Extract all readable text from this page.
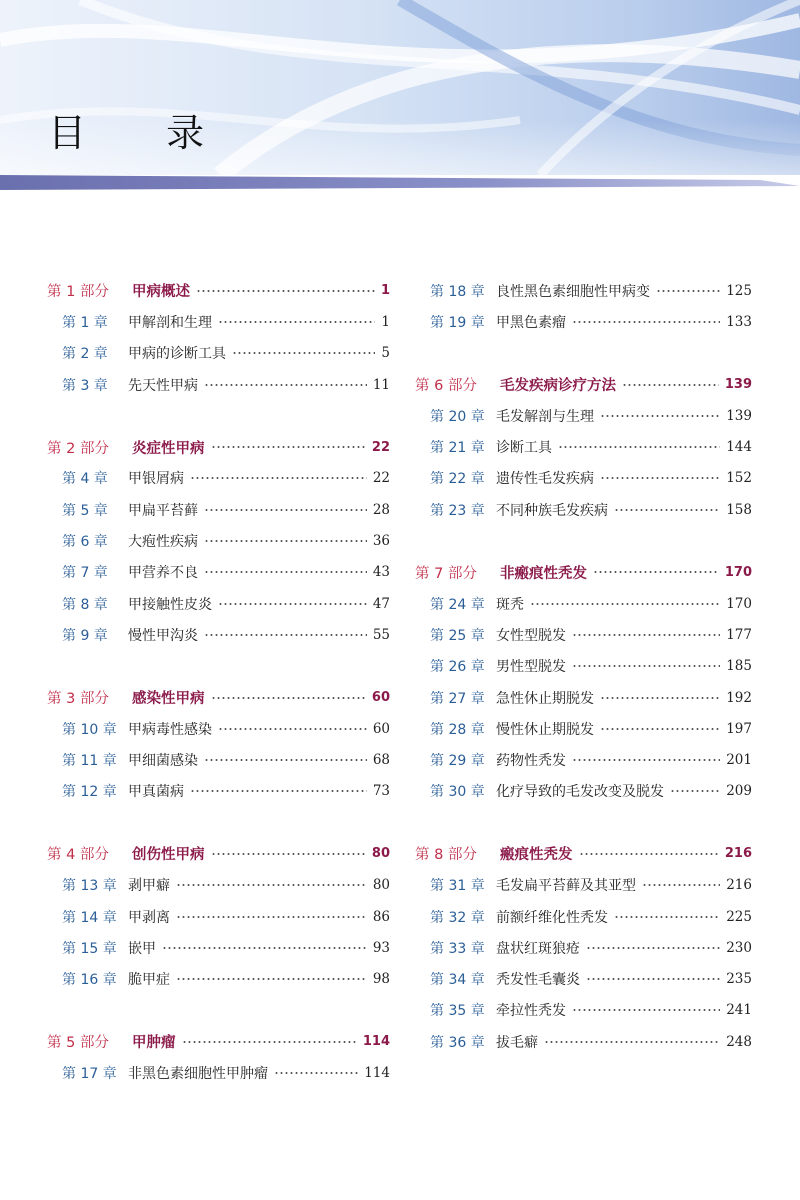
目 录
第 1 部分	甲病概述	1
第 1 章	甲解剖和生理	1
第 2 章	甲病的诊断工具	5
第 3 章	先天性甲病	11
第 2 部分	炎症性甲病	22
第 4 章	甲银屑病	22
第 5 章	甲扁平苔藓	28
第 6 章	大疱性疾病	36
第 7 章	甲营养不良	43
第 8 章	甲接触性皮炎	47
第 9 章	慢性甲沟炎	55
第 3 部分	感染性甲病	60
第 10 章 甲病毒性感染	60
第 11 章 甲细菌感染	68
第 12 章 甲真菌病	73
第 4 部分	创伤性甲病	80
第 13 章 剥甲癖	80
第 14 章 甲剥离	86
第 15 章 嵌甲	93
第 16 章 脆甲症	98
第 5 部分	甲肿瘤	114
第 17 章 非黑色素细胞性甲肿瘤	114
第 18 章 良性黑色素细胞性甲病变	125
第 19 章 甲黑色素瘤	133
第 6 部分	毛发疾病诊疗方法	139
第 20 章 毛发解剖与生理	139
第 21 章 诊断工具	144
第 22 章 遗传性毛发疾病	152
第 23 章 不同种族毛发疾病	158
第 7 部分	非瘢痕性秃发	170
第 24 章 斑秃	170
第 25 章 女性型脱发	177
第 26 章 男性型脱发	185
第 27 章 急性休止期脱发	192
第 28 章 慢性休止期脱发	197
第 29 章 药物性秃发	201
第 30 章 化疗导致的毛发改变及脱发	209
第 8 部分	瘢痕性秃发	216
第 31 章 毛发扁平苔藓及其亚型	216
第 32 章 前额纤维化性秃发	225
第 33 章 盘状红斑狼疮	230
第 34 章 秃发性毛囊炎	235
第 35 章 牵拉性秃发	241
第 36 章 拔毛癖	248
